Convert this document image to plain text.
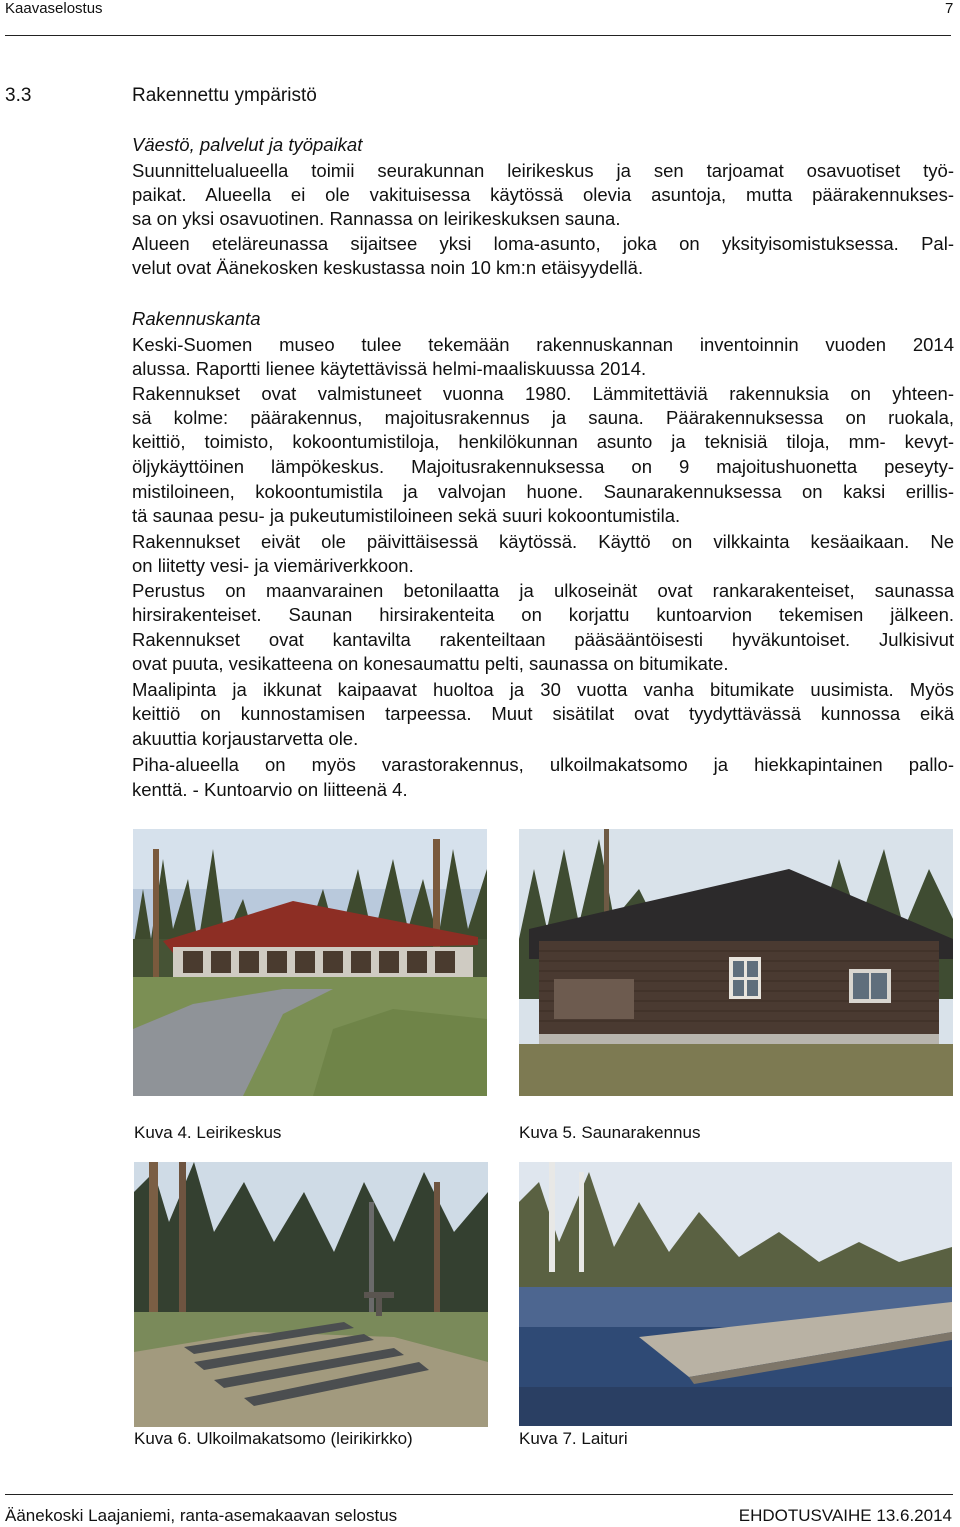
Kaavaselostus	7
3.3	Rakennettu ympäristö
Väestö, palvelut ja työpaikat
Suunnittelualueella toimii seurakunnan leirikeskus ja sen tarjoamat osavuotiset työ-
paikat. Alueella ei ole vakituisessa käytössä olevia asuntoja, mutta päärakennukses-
sa on yksi osavuotinen. Rannassa on leirikeskuksen sauna.
Alueen eteläreunassa sijaitsee yksi loma-asunto, joka on yksityisomistuksessa. Pal-
velut ovat Äänekosken keskustassa noin 10 km:n etäisyydellä.
Rakennuskanta
Keski-Suomen museo tulee tekemään rakennuskannan inventoinnin vuoden 2014
alussa. Raportti lienee käytettävissä helmi-maaliskuussa 2014.
Rakennukset ovat valmistuneet vuonna 1980. Lämmitettäviä rakennuksia on yhteen-
sä kolme: päärakennus, majoitusrakennus ja sauna. Päärakennuksessa on ruokala,
keittiö, toimisto, kokoontumistiloja, henkilökunnan asunto ja teknisiä tiloja, mm- kevyt-
öljykäyttöinen lämpökeskus. Majoitusrakennuksessa on 9 majoitushuonetta peseyty-
mistiloineen, kokoontumistila ja valvojan huone. Saunarakennuksessa on kaksi erillis-
tä saunaa pesu- ja pukeutumistiloineen sekä suuri kokoontumistila.
Rakennukset eivät ole päivittäisessä käytössä. Käyttö on vilkkainta kesäaikaan. Ne
on liitetty vesi- ja viemäriverkkoon.
Perustus on maanvarainen betonilaatta ja ulkoseinät ovat rankarakenteiset, saunassa
hirsirakenteiset. Saunan hirsirakenteita on korjattu kuntoarvion tekemisen jälkeen.
Rakennukset ovat kantavilta rakenteiltaan pääsääntöisesti hyväkuntoiset. Julkisivut
ovat puuta, vesikatteena on konesaumattu pelti, saunassa on bitumikate.
Maalipinta ja ikkunat kaipaavat huoltoa ja 30 vuotta vanha bitumikate uusimista. Myös
keittiö on kunnostamisen tarpeessa. Muut sisätilat ovat tyydyttävässä kunnossa eikä
akuuttia korjaustarvetta ole.
Piha-alueella on myös varastorakennus, ulkoilmakatsomo ja hiekkapintainen pallo-
kenttä. - Kuntoarvio on liitteenä 4.
Kuva 4. Leirikeskus	Kuva 5. Saunarakennus
Kuva 6. Ulkoilmakatsomo (leirikirkko)	Kuva 7. Laituri
Äänekoski Laajaniemi, ranta-asemakaavan selostus	EHDOTUSVAIHE 13.6.2014
